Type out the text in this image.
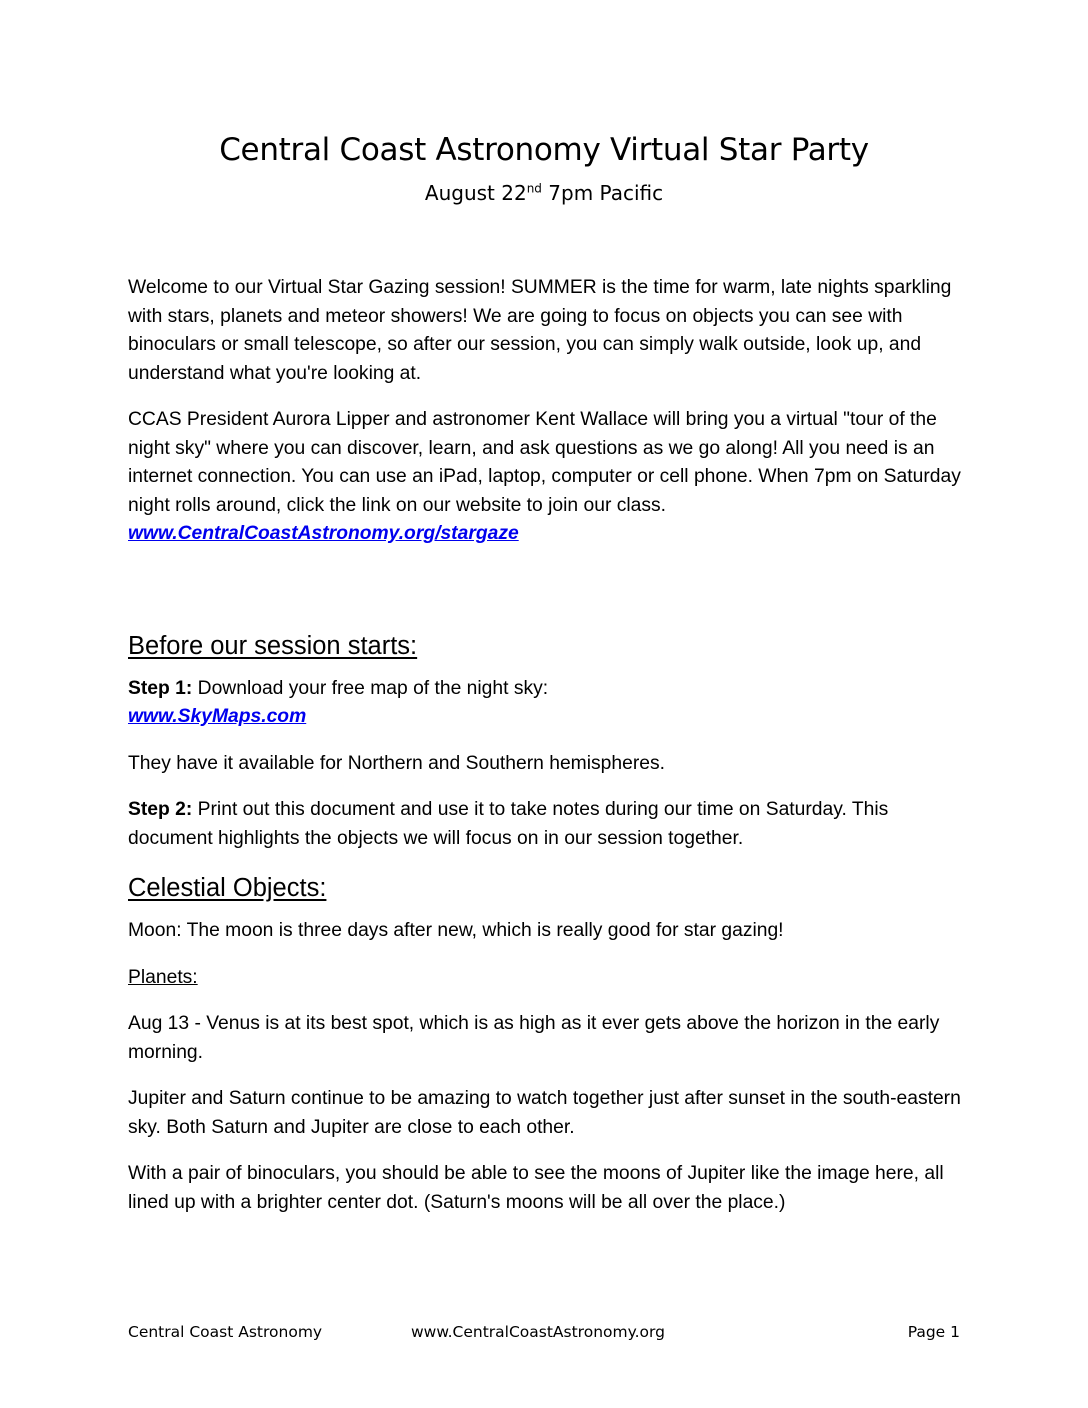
Central Coast Astronomy Virtual Star Party
August 22nd 7pm Pacific

Welcome to our Virtual Star Gazing session! SUMMER is the time for warm, late nights sparkling with stars, planets and meteor showers! We are going to focus on objects you can see with binoculars or small telescope, so after our session, you can simply walk outside, look up, and understand what you're looking at.

CCAS President Aurora Lipper and astronomer Kent Wallace will bring you a virtual "tour of the night sky" where you can discover, learn, and ask questions as we go along! All you need is an internet connection. You can use an iPad, laptop, computer or cell phone. When 7pm on Saturday night rolls around, click the link on our website to join our class. www.CentralCoastAstronomy.org/stargaze

Before our session starts:

Step 1: Download your free map of the night sky:

www.SkyMaps.com

They have it available for Northern and Southern hemispheres.

Step 2: Print out this document and use it to take notes during our time on Saturday. This document highlights the objects we will focus on in our session together.

Celestial Objects:

Moon: The moon is three days after new, which is really good for star gazing!

Planets:

Aug 13 - Venus is at its best spot, which is as high as it ever gets above the horizon in the early morning.

Jupiter and Saturn continue to be amazing to watch together just after sunset in the south-eastern sky. Both Saturn and Jupiter are close to each other.

With a pair of binoculars, you should be able to see the moons of Jupiter like the image here, all lined up with a brighter center dot. (Saturn's moons will be all over the place.)

Central Coast Astronomy	www.CentralCoastAstronomy.org	Page 1
